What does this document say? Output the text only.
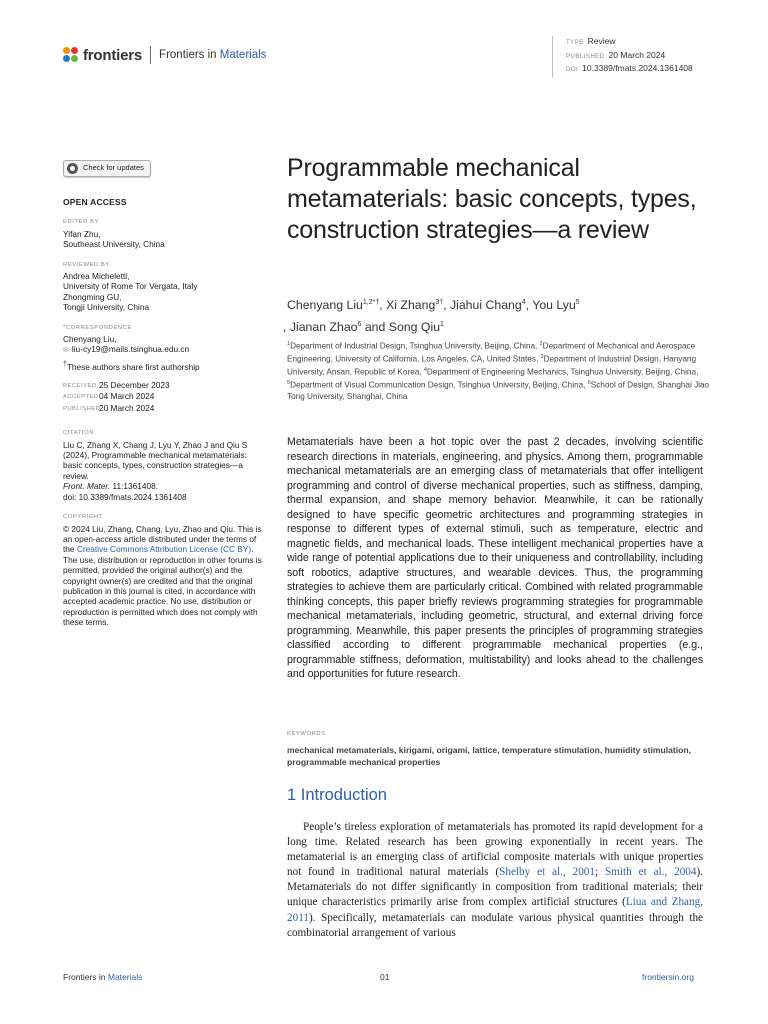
frontiers Frontiers in Materials
TYPE Review
PUBLISHED 20 March 2024
DOI 10.3389/fmats.2024.1361408
Check for updates
OPEN ACCESS
EDITED BY
Yifan Zhu,
Southeast University, China
REVIEWED BY
Andrea Micheletti,
University of Rome Tor Vergata, Italy
Zhongming GU,
Tongji University, China
*CORRESPONDENCE
Chenyang Liu,
✉ liu-cy19@mails.tsinghua.edu.cn
†These authors share first authorship
RECEIVED 25 December 2023
ACCEPTED 04 March 2024
PUBLISHED
20 March 2024
CITATION
Liu C, Zhang X, Chang J, Lyu Y, Zhao J and Qiu S (2024), Programmable mechanical metamaterials: basic concepts, types, construction strategies—a review.
Front. Mater. 11:1361408.
doi: 10.3389/fmats.2024.1361408
COPYRIGHT
© 2024 Liu, Zhang, Chang, Lyu, Zhao and Qiu. This is an open-access article distributed under the terms of the Creative Commons Attribution License (CC BY). The use, distribution or reproduction in other forums is permitted, provided the original author(s) and the copyright owner(s) are credited and that the original publication in this journal is cited, in accordance with accepted academic practice. No use, distribution or reproduction is permitted which does not comply with these terms.
Programmable mechanical metamaterials: basic concepts, types, construction strategies—a review
Chenyang Liu$^{1,2*\dagger}$, Xi Zhang$^{3\dagger}$, Jiahui Chang$^4$, You Lyu$^5$
, Jianan Zhao$^6$ and Song Qiu$^1$
$^1$Department of Industrial Design, Tsinghua University, Beijing, China, $^2$Department of Mechanical and Aerospace Engineering, University of California, Los Angeles, CA, United States, $^3$Department of Industrial Design, Hanyang University, Ansan, Republic of Korea, $^4$Department of Engineering Mechanics, Tsinghua University, Beijing, China, $^5$Department of Visual Communication Design, Tsinghua University, Beijing, China, $^6$School of Design, Shanghai Jiao Tong University, Shanghai, China
Metamaterials have been a hot topic over the past 2 decades, involving scientific research directions in materials, engineering, and physics. Among them, programmable mechanical metamaterials are an emerging class of metamaterials that offer intelligent programming and control of diverse mechanical properties, such as stiffness, damping, thermal expansion, and shape memory behavior. Meanwhile, it can be rationally designed to have specific geometric architectures and programming strategies in response to different types of external stimuli, such as temperature, electric and magnetic fields, and mechanical loads. These intelligent mechanical properties have a wide range of potential applications due to their uniqueness and controllability, including soft robotics, adaptive structures, and wearable devices. Thus, the programming strategies to achieve them are particularly critical. Combined with related programmable thinking concepts, this paper briefly reviews programming strategies for programmable mechanical metamaterials, including geometric, structural, and external driving force programming. Meanwhile, this paper presents the principles of programming strategies classified according to different programmable mechanical properties (e.g., programmable stiffness, deformation, multistability) and looks ahead to the challenges and opportunities for future research.
KEYWORDS
mechanical metamaterials, kirigami, origami, lattice, temperature stimulation, humidity stimulation, programmable mechanical properties
1 Introduction

People’s tireless exploration of metamaterials has promoted its rapid development for a long time. Related research has been growing exponentially in recent years. The metamaterial is an emerging class of artificial composite materials with unique properties not found in traditional natural materials (Shelby et al., 2001; Smith et al., 2004). Metamaterials do not differ significantly in composition from traditional materials; their unique characteristics primarily arise from complex artificial structures (Liua and Zhang, 2011). Specifically, metamaterials can modulate various physical quantities through the combinatorial arrangement of various

Frontiers in Materials	01	frontiersin.org
